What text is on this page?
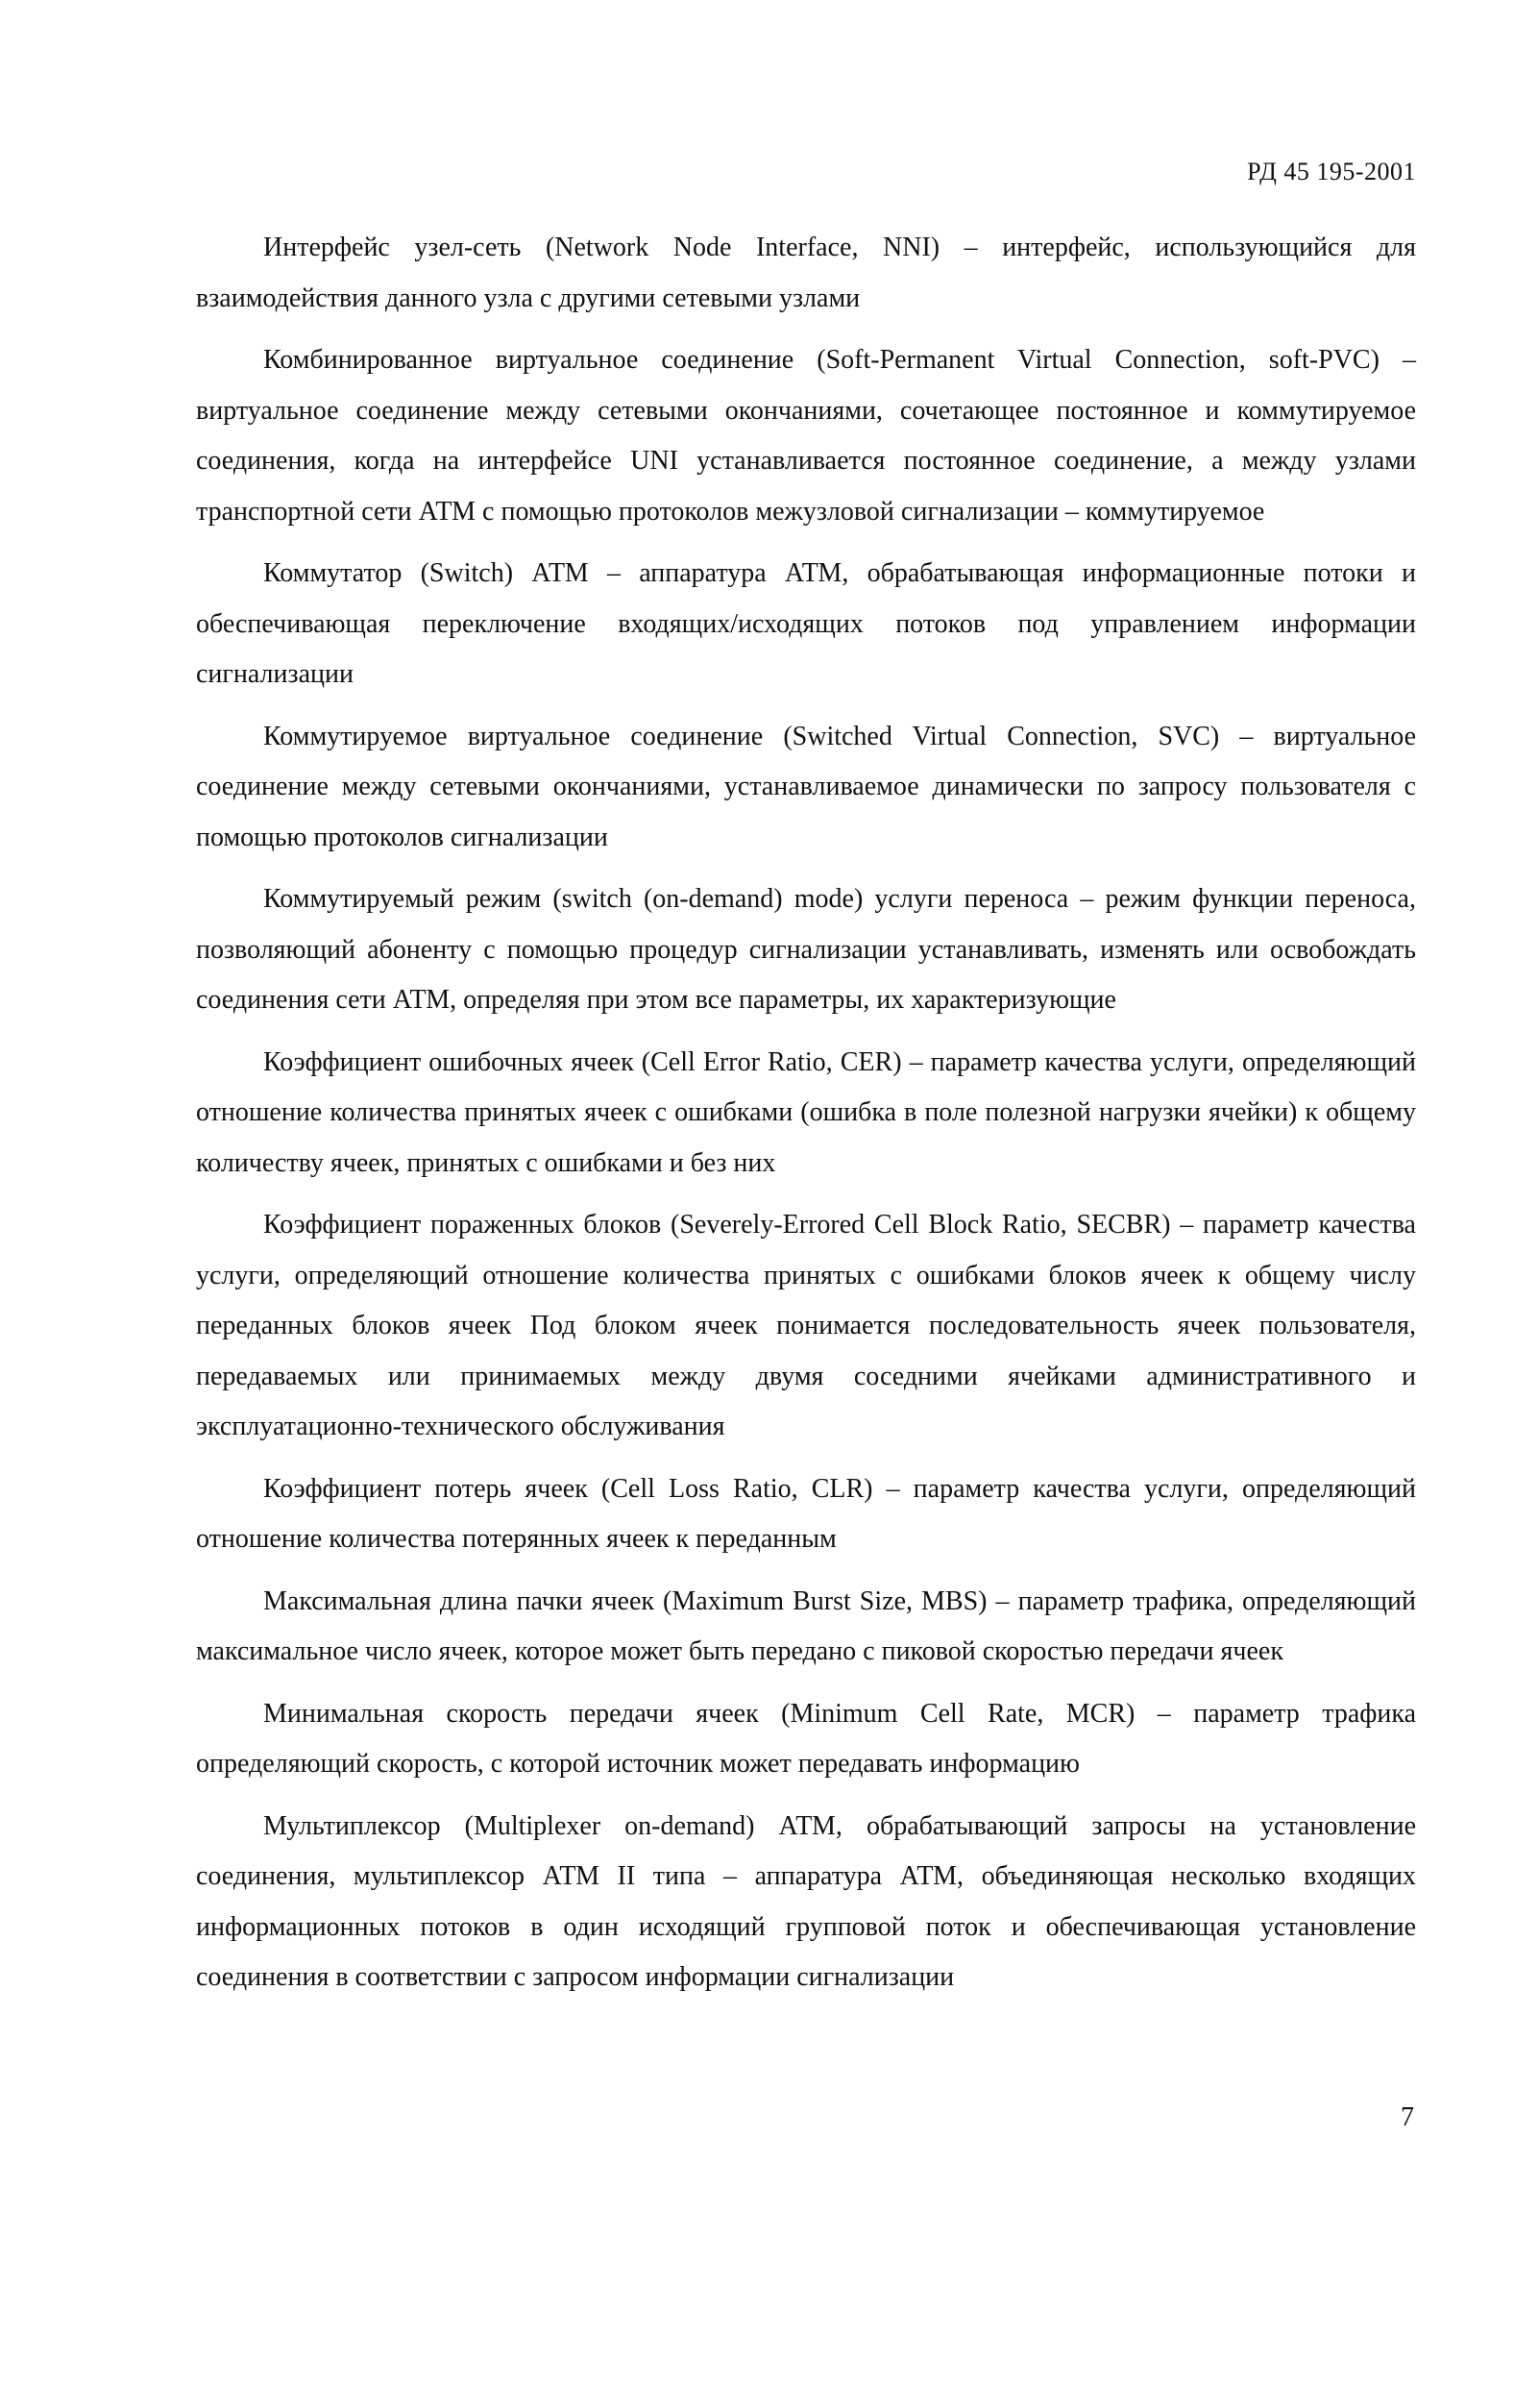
РД 45 195-2001

Интерфейс узел-сеть (Network Node Interface, NNI) – интерфейс, использующийся для взаимодействия данного узла с другими сетевыми узлами

Комбинированное виртуальное соединение (Soft-Permanent Virtual Connection, soft-PVC) – виртуальное соединение между сетевыми окончаниями, сочетающее постоянное и коммутируемое соединения, когда на интерфейсе UNI устанавливается постоянное соединение, а между узлами транспортной сети АТМ с помощью протоколов межузловой сигнализации – коммутируемое

Коммутатор (Switch) АТМ – аппаратура АТМ, обрабатывающая информационные потоки и обеспечивающая переключение входящих/исходящих потоков под управлением информации сигнализации

Коммутируемое виртуальное соединение (Switched Virtual Connection, SVC) – виртуальное соединение между сетевыми окончаниями, устанавливаемое динамически по запросу пользователя с помощью протоколов сигнализации

Коммутируемый режим (switch (on-demand) mode) услуги переноса – режим функции переноса, позволяющий абоненту с помощью процедур сигнализации устанавливать, изменять или освобождать соединения сети АТМ, определяя при этом все параметры, их характеризующие

Коэффициент ошибочных ячеек (Cell Error Ratio, CER) – параметр качества услуги, определяющий отношение количества принятых ячеек с ошибками (ошибка в поле полезной нагрузки ячейки) к общему количеству ячеек, принятых с ошибками и без них

Коэффициент пораженных блоков (Severely-Errored Cell Block Ratio, SECBR) – параметр качества услуги, определяющий отношение количества принятых с ошибками блоков ячеек к общему числу переданных блоков ячеек Под блоком ячеек понимается последовательность ячеек пользователя, передаваемых или принимаемых между двумя соседними ячейками административного и эксплуатационно-технического обслуживания

Коэффициент потерь ячеек (Cell Loss Ratio, CLR) – параметр качества услуги, определяющий отношение количества потерянных ячеек к переданным

Максимальная длина пачки ячеек (Maximum Burst Size, MBS) – параметр трафика, определяющий максимальное число ячеек, которое может быть передано с пиковой скоростью передачи ячеек

Минимальная скорость передачи ячеек (Minimum Cell Rate, MCR) – параметр трафика определяющий скорость, с которой источник может передавать информацию

Мультиплексор (Multiplexer on-demand) АТМ, обрабатывающий запросы на установление соединения, мультиплексор АТМ II типа – аппаратура АТМ, объединяющая несколько входящих информационных потоков в один исходящий групповой поток и обеспечивающая установление соединения в соответствии с запросом информации сигнализации

7
